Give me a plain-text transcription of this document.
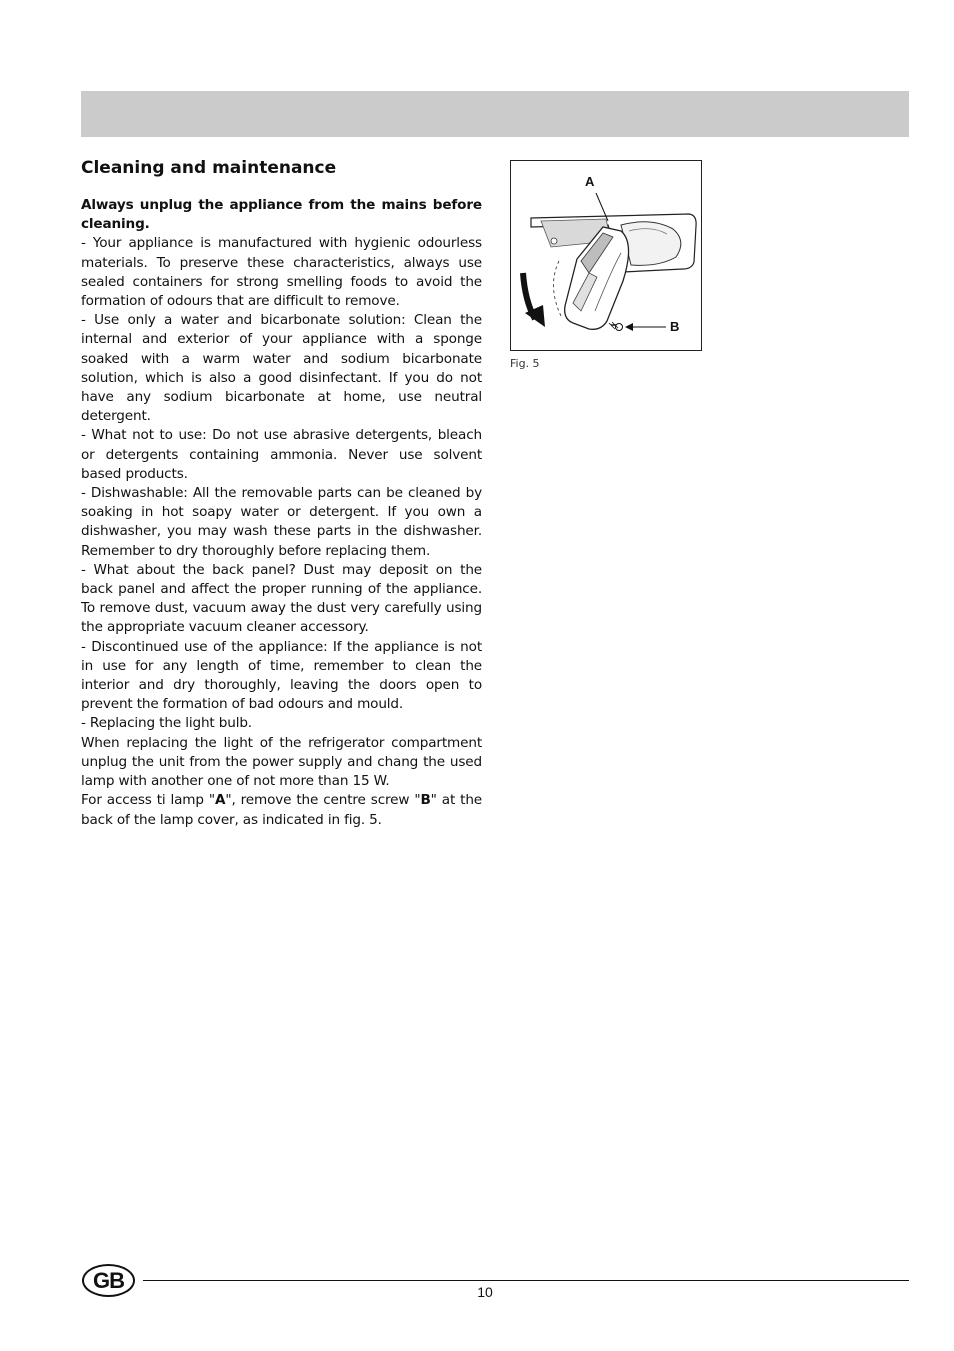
Cleaning and maintenance

Always unplug the appliance from the mains before cleaning.

- Your appliance is manufactured with hygienic odourless materials. To preserve these characteristics, always use sealed containers for strong smelling foods to avoid the formation of odours that are difficult to remove.

- Use only a water and bicarbonate solution: Clean the internal and exterior of your appliance with a sponge soaked with a warm water and sodium bicarbonate solution, which is also a good disinfectant. If you do not have any sodium bicarbonate at home, use neutral detergent.

- What not to use: Do not use abrasive detergents, bleach or detergents containing ammonia. Never use solvent based products.

- Dishwashable: All the removable parts can be cleaned by soaking in hot soapy water or detergent. If you own a dishwasher, you may wash these parts in the dishwasher. Remember to dry thoroughly before replacing them.

- What about the back panel? Dust may deposit on the back panel and affect the proper running of the appliance. To remove dust, vacuum away the dust very carefully using the appropriate vacuum cleaner accessory.

- Discontinued use of the appliance: If the appliance is not in use for any length of time, remember to clean the interior and dry thoroughly, leaving the doors open to prevent the formation of bad odours and mould.

- Replacing the light bulb.

When replacing the light of the refrigerator compartment unplug the unit from the power supply and chang the used lamp with another one of not more than 15 W.

For access ti lamp "A", remove the centre screw "B" at the back of the lamp cover, as indicated in fig. 5.

A
B
Fig. 5
GB	10
